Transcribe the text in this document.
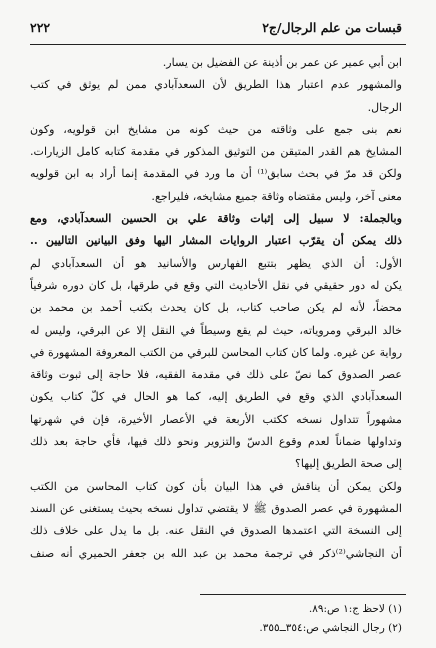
قبسات من علم الرجال/ج٢
٢٢٢
ابن أبي عمير عن عمر بن أذينة عن الفضيل بن يسار.
والمشهور عدم اعتبار هذا الطريق لأن السعدآبادي ممن لم يوثق في كتب
الرجال.
نعم بنى جمع على وثاقته من حيث كونه من مشايخ ابن قولويه، وكون
المشايخ هم القدر المتيقن من التوثيق المذكور في مقدمة كتابه كامل الزيارات.
ولكن قد مرّ في بحث سابق⁽¹⁾ أن ما ورد في المقدمة إنما أراد به ابن قولويه
معنى آخر، وليس مقتضاه وثاقة جميع مشايخه، فليراجع.
وبالجملة: لا سبيل إلى إثبات وثاقة علي بن الحسين السعدآبادي، ومع
ذلك يمكن أن يقرّب اعتبار الروايات المشار اليها وفق البيانين التاليين ..
الأول: أن الذي يظهر بتتبع الفهارس والأسانيد هو أن السعدآبادي لم
يكن له دور حقيقي في نقل الأحاديث التي وقع في طرقها، بل كان دوره شرفياً
محضاً، لأنه لم يكن صاحب كتاب، بل كان يحدث بكتب أحمد بن محمد بن
خالد البرقي ومروياته، حيث لم يقع وسيطاً في النقل إلا عن البرقي، وليس له
رواية عن غيره. ولما كان كتاب المحاسن للبرقي من الكتب المعروفة المشهورة في
عصر الصدوق كما نصّ على ذلك في مقدمة الفقيه، فلا حاجة إلى ثبوت وثاقة
السعدآبادي الذي وقع في الطريق إليه، كما هو الحال في كلّ كتاب يكون
مشهوراً تتداول نسخه ككتب الأربعة في الأعصار الأخيرة، فإن في شهرتها
وتداولها ضماناً لعدم وقوع الدسّ والتزوير ونحو ذلك فيها، فأي حاجة بعد ذلك
إلى صحة الطريق إليها؟
ولكن يمكن أن يناقش في هذا البيان بأن كون كتاب المحاسن من الكتب
المشهورة في عصر الصدوق ﷺ لا يقتضي تداول نسخه بحيث يستغنى عن السند
إلى النسخة التي اعتمدها الصدوق في النقل عنه. بل ما يدل على خلاف ذلك
أن النجاشي⁽²⁾ذكر في ترجمة محمد بن عبد الله بن جعفر الحميري أنه صنف
(١) لاحظ ج:١ ص:٨٩.
(٢) رجال النجاشي ص:٣٥٤ــ٣٥٥.
